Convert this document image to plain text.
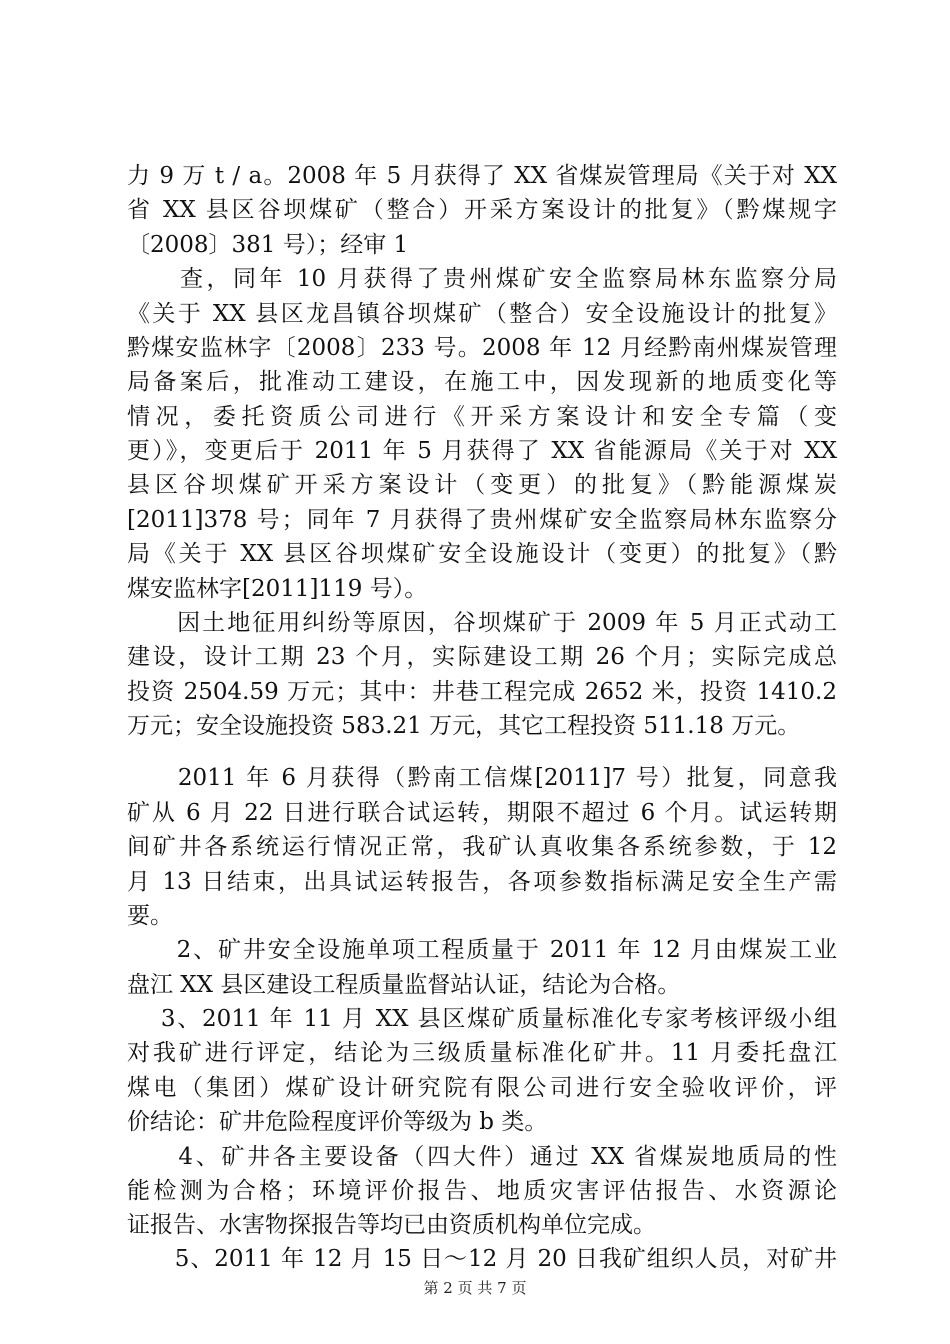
力 9 万 t / a。2008 年 5 月获得了 XX 省煤炭管理局《关于对 XX
省 XX 县区谷坝煤矿（整合）开采方案设计的批复》（黔煤规字
〔2008〕381 号）；经审 1
　　查，同年 10 月获得了贵州煤矿安全监察局林东监察分局
《关于 XX 县区龙昌镇谷坝煤矿（整合）安全设施设计的批复》
黔煤安监林字〔2008〕233 号。2008 年 12 月经黔南州煤炭管理
局备案后，批准动工建设，在施工中，因发现新的地质变化等
情况，委托资质公司进行《开采方案设计和安全专篇（变
更）》，变更后于 2011 年 5 月获得了 XX 省能源局《关于对 XX
县区谷坝煤矿开采方案设计（变更）的批复》（黔能源煤炭
[2011]378 号；同年 7 月获得了贵州煤矿安全监察局林东监察分
局《关于 XX 县区谷坝煤矿安全设施设计（变更）的批复》（黔
煤安监林字[2011]119 号）。
　　因土地征用纠纷等原因，谷坝煤矿于 2009 年 5 月正式动工
建设，设计工期 23 个月，实际建设工期 26 个月；实际完成总
投资 2504.59 万元；其中：井巷工程完成 2652 米，投资 1410.2
万元；安全设施投资 583.21 万元，其它工程投资 511.18 万元。
　　2011 年 6 月获得（黔南工信煤[2011]7 号）批复，同意我
矿从 6 月 22 日进行联合试运转，期限不超过 6 个月。试运转期
间矿井各系统运行情况正常，我矿认真收集各系统参数，于 12
月 13 日结束，出具试运转报告，各项参数指标满足安全生产需
要。
　　2、矿井安全设施单项工程质量于 2011 年 12 月由煤炭工业
盘江 XX 县区建设工程质量监督站认证，结论为合格。
　 3、2011 年 11 月 XX 县区煤矿质量标准化专家考核评级小组
对我矿进行评定，结论为三级质量标准化矿井。11 月委托盘江
煤电（集团）煤矿设计研究院有限公司进行安全验收评价，评
价结论：矿井危险程度评价等级为 b 类。
　　4、矿井各主要设备（四大件）通过 XX 省煤炭地质局的性
能检测为合格；环境评价报告、地质灾害评估报告、水资源论
证报告、水害物探报告等均已由资质机构单位完成。
第 2 页 共 7 页
　　5、2011 年 12 月 15 日～12 月 20 日我矿组织人员，对矿井
